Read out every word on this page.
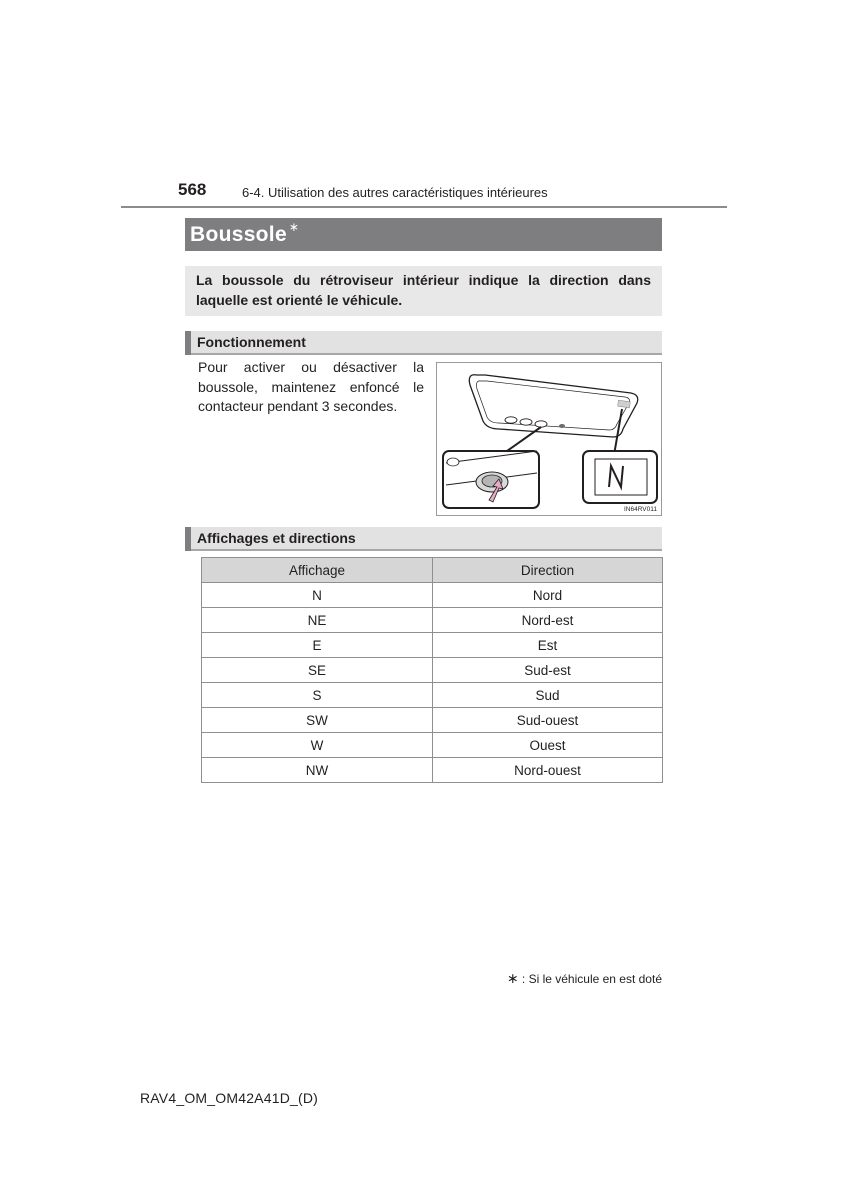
568	6-4. Utilisation des autres caractéristiques intérieures
Boussole ∗
La boussole du rétroviseur intérieur indique la direction dans laquelle est orienté le véhicule.
Fonctionnement
Pour activer ou désactiver la boussole, maintenez enfoncé le contacteur pendant 3 secondes.
IN64RV011
Affichages et directions
Affichage	Direction
N	Nord
NE	Nord-est
E	Est
SE	Sud-est
S	Sud
SW	Sud-ouest
W	Ouest
NW	Nord-ouest
∗ : Si le véhicule en est doté
RAV4_OM_OM42A41D_(D)
